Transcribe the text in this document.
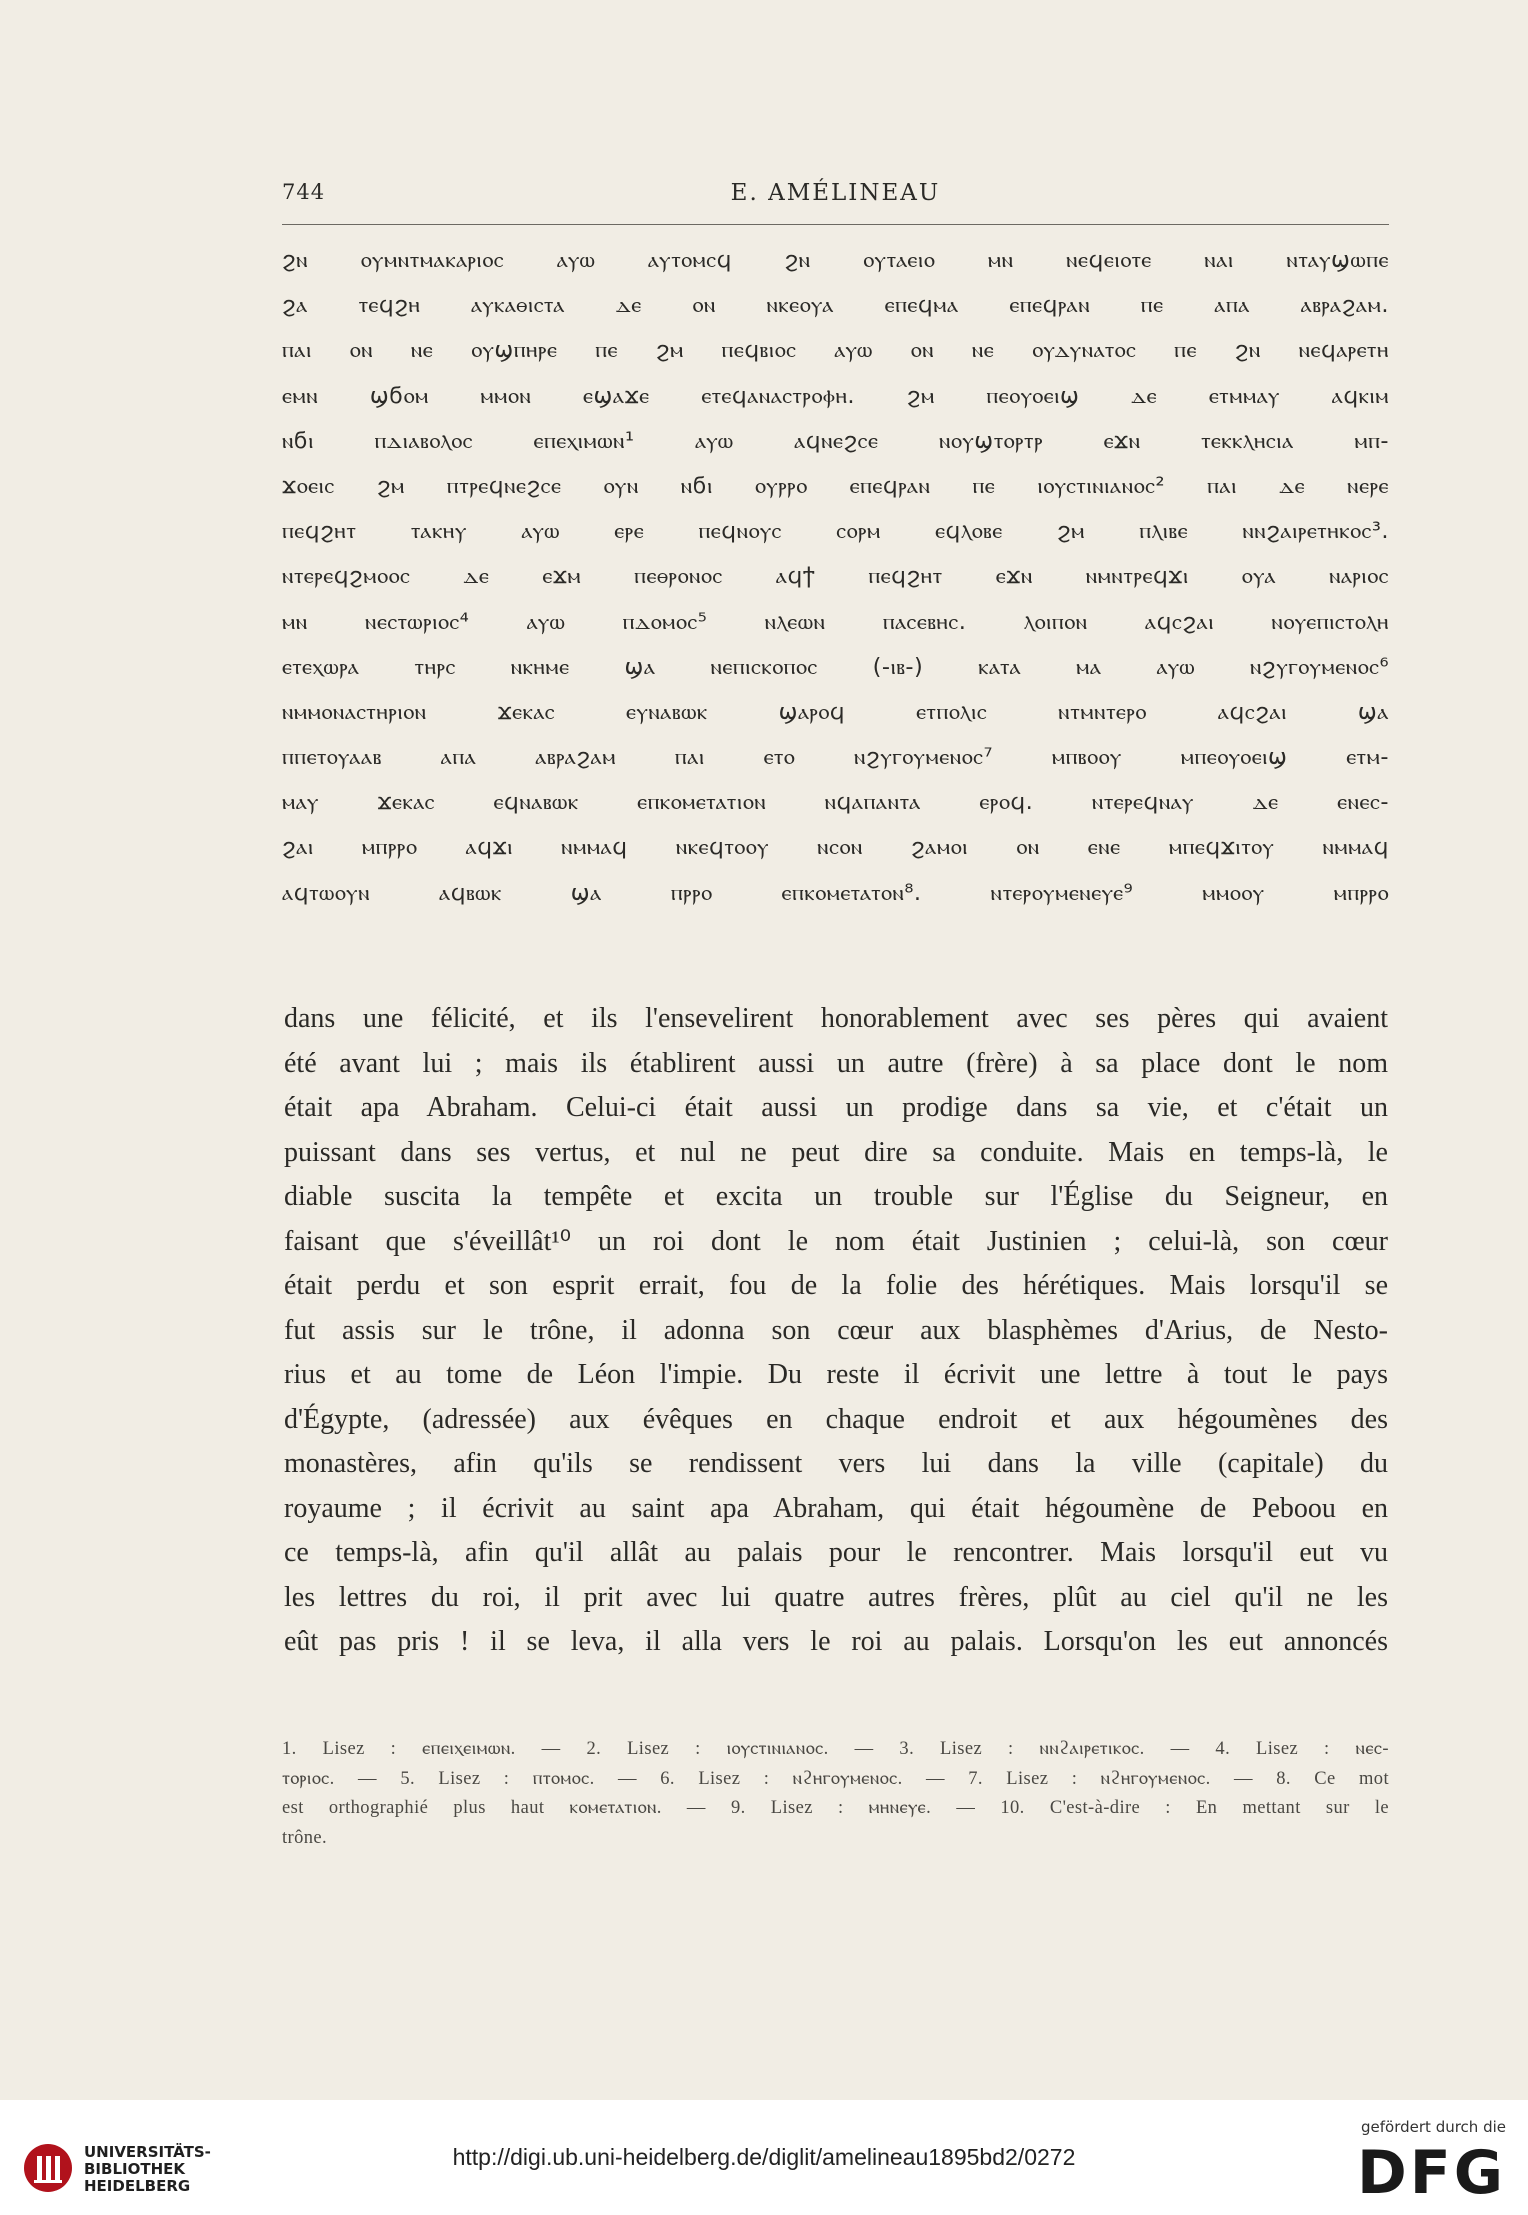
744	E. AMÉLINEAU
ϩⲛ ⲟⲩⲙⲛⲧⲙⲁⲕⲁⲣⲓⲟⲥ ⲁⲩⲱ ⲁⲩⲧⲟⲙⲥϥ ϩⲛ ⲟⲩⲧⲁⲉⲓⲟ ⲙⲛ ⲛⲉϥⲉⲓⲟⲧⲉ ⲛⲁⲓ ⲛⲧⲁⲩϣⲱⲡⲉ
ϩⲁ ⲧⲉϥϩⲏ ⲁⲩⲕⲁⲑⲓⲥⲧⲁ ⲇⲉ ⲟⲛ ⲛⲕⲉⲟⲩⲁ ⲉⲡⲉϥⲙⲁ ⲉⲡⲉϥⲣⲁⲛ ⲡⲉ ⲁⲡⲁ ⲁⲃⲣⲁϩⲁⲙ.
ⲡⲁⲓ ⲟⲛ ⲛⲉ ⲟⲩϣⲡⲏⲣⲉ ⲡⲉ ϩⲙ ⲡⲉϥⲃⲓⲟⲥ ⲁⲩⲱ ⲟⲛ ⲛⲉ ⲟⲩⲇⲩⲛⲁⲧⲟⲥ ⲡⲉ ϩⲛ ⲛⲉϥⲁⲣⲉⲧⲏ
ⲉⲙⲛ ϣϭⲟⲙ ⲙⲙⲟⲛ ⲉϣⲁϫⲉ ⲉⲧⲉϥⲁⲛⲁⲥⲧⲣⲟⲫⲏ. ϩⲙ ⲡⲉⲟⲩⲟⲉⲓϣ ⲇⲉ ⲉⲧⲙⲙⲁⲩ ⲁϥⲕⲓⲙ
ⲛϭⲓ ⲡⲇⲓⲁⲃⲟⲗⲟⲥ ⲉⲡⲉⲭⲓⲙⲱⲛ¹ ⲁⲩⲱ ⲁϥⲛⲉϩⲥⲉ ⲛⲟⲩϣⲧⲟⲣⲧⲣ ⲉϫⲛ ⲧⲉⲕⲕⲗⲏⲥⲓⲁ ⲙⲡ-
ϫⲟⲉⲓⲥ ϩⲙ ⲡⲧⲣⲉϥⲛⲉϩⲥⲉ ⲟⲩⲛ ⲛϭⲓ ⲟⲩⲣⲣⲟ ⲉⲡⲉϥⲣⲁⲛ ⲡⲉ ⲓⲟⲩⲥⲧⲓⲛⲓⲁⲛⲟⲥ² ⲡⲁⲓ ⲇⲉ ⲛⲉⲣⲉ
ⲡⲉϥϩⲏⲧ ⲧⲁⲕⲏⲩ ⲁⲩⲱ ⲉⲣⲉ ⲡⲉϥⲛⲟⲩⲥ ⲥⲟⲣⲙ ⲉϥⲗⲟⲃⲉ ϩⲙ ⲡⲗⲓⲃⲉ ⲛⲛϩⲁⲓⲣⲉⲧⲏⲕⲟⲥ³.
ⲛⲧⲉⲣⲉϥϩⲙⲟⲟⲥ ⲇⲉ ⲉϫⲙ ⲡⲉⲑⲣⲟⲛⲟⲥ ⲁϥϯ ⲡⲉϥϩⲏⲧ ⲉϫⲛ ⲛⲙⲛⲧⲣⲉϥϫⲓ ⲟⲩⲁ ⲛⲁⲣⲓⲟⲥ
ⲙⲛ ⲛⲉⲥⲧⲱⲣⲓⲟⲥ⁴ ⲁⲩⲱ ⲡⲇⲟⲙⲟⲥ⁵ ⲛⲗⲉⲱⲛ ⲡⲁⲥⲉⲃⲏⲥ. ⲗⲟⲓⲡⲟⲛ ⲁϥⲥϩⲁⲓ ⲛⲟⲩⲉⲡⲓⲥⲧⲟⲗⲏ
ⲉⲧⲉⲭⲱⲣⲁ ⲧⲏⲣⲥ ⲛⲕⲏⲙⲉ ϣⲁ ⲛⲉⲡⲓⲥⲕⲟⲡⲟⲥ (-ⲓⲃ-) ⲕⲁⲧⲁ ⲙⲁ ⲁⲩⲱ ⲛϩⲩⲅⲟⲩⲙⲉⲛⲟⲥ⁶
ⲛⲙⲙⲟⲛⲁⲥⲧⲏⲣⲓⲟⲛ ϫⲉⲕⲁⲥ ⲉⲩⲛⲁⲃⲱⲕ ϣⲁⲣⲟϥ ⲉⲧⲡⲟⲗⲓⲥ ⲛⲧⲙⲛⲧⲉⲣⲟ ⲁϥⲥϩⲁⲓ ϣⲁ
ⲡⲡⲉⲧⲟⲩⲁⲁⲃ ⲁⲡⲁ ⲁⲃⲣⲁϩⲁⲙ ⲡⲁⲓ ⲉⲧⲟ ⲛϩⲩⲅⲟⲩⲙⲉⲛⲟⲥ⁷ ⲙⲡⲃⲟⲟⲩ ⲙⲡⲉⲟⲩⲟⲉⲓϣ ⲉⲧⲙ-
ⲙⲁⲩ ϫⲉⲕⲁⲥ ⲉϥⲛⲁⲃⲱⲕ ⲉⲡⲕⲟⲙⲉⲧⲁⲧⲓⲟⲛ ⲛϥⲁⲡⲁⲛⲧⲁ ⲉⲣⲟϥ. ⲛⲧⲉⲣⲉϥⲛⲁⲩ ⲇⲉ ⲉⲛⲉⲥ-
ϩⲁⲓ ⲙⲡⲣⲣⲟ ⲁϥϫⲓ ⲛⲙⲙⲁϥ ⲛⲕⲉϥⲧⲟⲟⲩ ⲛⲥⲟⲛ ϩⲁⲙⲟⲓ ⲟⲛ ⲉⲛⲉ ⲙⲡⲉϥϫⲓⲧⲟⲩ ⲛⲙⲙⲁϥ
ⲁϥⲧⲱⲟⲩⲛ ⲁϥⲃⲱⲕ ϣⲁ ⲡⲣⲣⲟ ⲉⲡⲕⲟⲙⲉⲧⲁⲧⲟⲛ⁸. ⲛⲧⲉⲣⲟⲩⲙⲉⲛⲉⲩⲉ⁹ ⲙⲙⲟⲟⲩ ⲙⲡⲣⲣⲟ
dans une félicité, et ils l'ensevelirent honorablement avec ses pères qui avaient
été avant lui ; mais ils établirent aussi un autre (frère) à sa place dont le nom
était apa Abraham. Celui-ci était aussi un prodige dans sa vie, et c'était un
puissant dans ses vertus, et nul ne peut dire sa conduite. Mais en temps-là, le
diable suscita la tempête et excita un trouble sur l'Église du Seigneur, en
faisant que s'éveillât¹⁰ un roi dont le nom était Justinien ; celui-là, son cœur
était perdu et son esprit errait, fou de la folie des hérétiques. Mais lorsqu'il se
fut assis sur le trône, il adonna son cœur aux blasphèmes d'Arius, de Nesto-
rius et au tome de Léon l'impie. Du reste il écrivit une lettre à tout le pays
d'Égypte, (adressée) aux évêques en chaque endroit et aux hégoumènes des
monastères, afin qu'ils se rendissent vers lui dans la ville (capitale) du
royaume ; il écrivit au saint apa Abraham, qui était hégoumène de Peboou en
ce temps-là, afin qu'il allât au palais pour le rencontrer. Mais lorsqu'il eut vu
les lettres du roi, il prit avec lui quatre autres frères, plût au ciel qu'il ne les
eût pas pris ! il se leva, il alla vers le roi au palais. Lorsqu'on les eut annoncés
1. Lisez : ⲉⲡⲉⲓⲭⲉⲓⲙⲱⲛ. — 2. Lisez : ⲓⲟⲩⲥⲧⲓⲛⲓⲁⲛⲟⲥ. — 3. Lisez : ⲛⲛϩⲁⲓⲣⲉⲧⲓⲕⲟⲥ. — 4. Lisez : ⲛⲉⲥ-
ⲧⲟⲣⲓⲟⲥ. — 5. Lisez : ⲡⲧⲟⲙⲟⲥ. — 6. Lisez : ⲛϩⲏⲅⲟⲩⲙⲉⲛⲟⲥ. — 7. Lisez : ⲛϩⲏⲅⲟⲩⲙⲉⲛⲟⲥ. — 8. Ce mot
est orthographié plus haut ⲕⲟⲙⲉⲧⲁⲧⲓⲟⲛ. — 9. Lisez : ⲙⲏⲛⲉⲩⲉ. — 10. C'est-à-dire : En mettant sur le
trône.
UNIVERSITÄTS-
BIBLIOTHEK
HEIDELBERG
http://digi.ub.uni-heidelberg.de/diglit/amelineau1895bd2/0272
gefördert durch die
DFG
